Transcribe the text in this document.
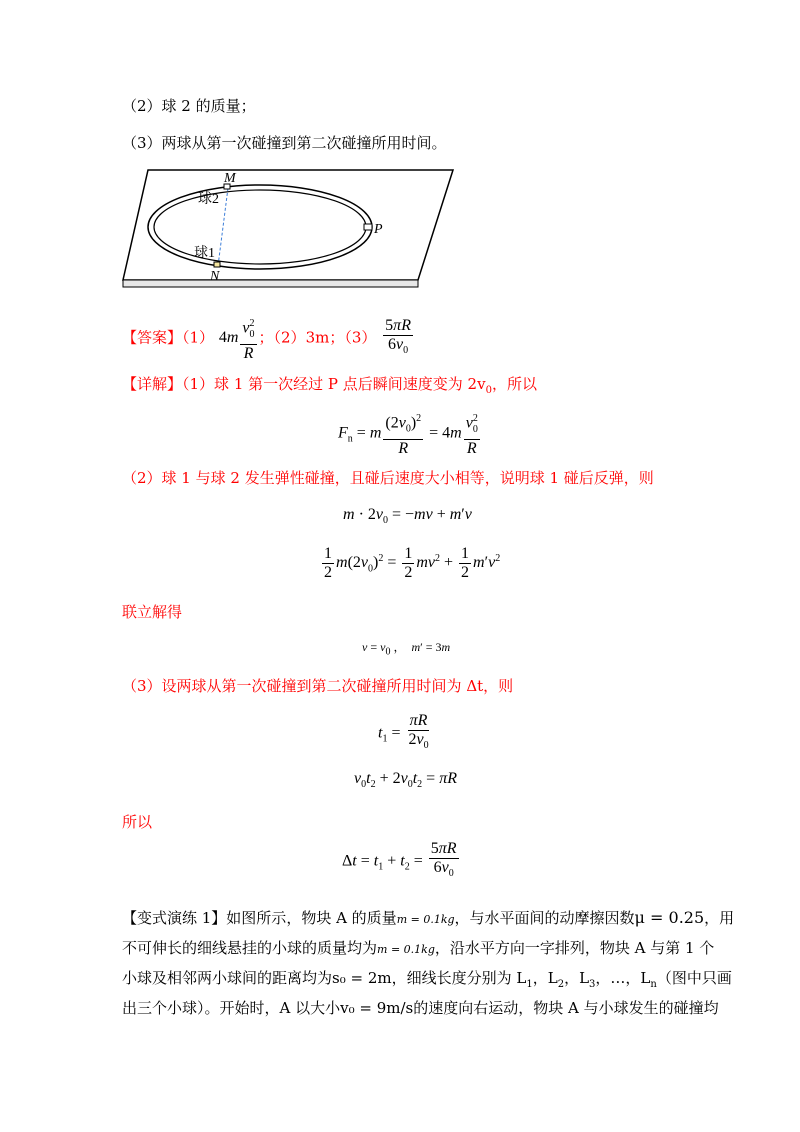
（2）球 2 的质量；
（3）两球从第一次碰撞到第二次碰撞所用时间。
M
球2
P
球1
N
【答案】（1） $4m \frac{v^2_0}{R}$ ；（2）3m；$(3) \frac{5\pi R}{6v_0}$
【详解】（1）球 1 第一次经过 P 点后瞬间速度变为 $2v_0$，所以
$F_n = m \frac{(2v_0)^2}{R} = 4m \frac{v^2_0}{R}$
（2）球 1 与球 2 发生弹性碰撞，且碰后速度大小相等，说明球 1 碰后反弹，则
$m \cdot 2v_0 = -mv + m'v$
$\frac{1}{2} m(2v_0)^2 = \frac{1}{2} mv^2 + \frac{1}{2} m'v^2$
联立解得
$v = v_0$ ，  m′ = 3m
（3）设两球从第一次碰撞到第二次碰撞所用时间为 Δt，则
$t_1 = \frac{\pi R}{2v_0}$
$v_0t_2 + 2v_0t_2 = \pi R$
所以
$\Delta t = t_1 + t_2 = \frac{5\pi R}{6v_0}$
【变式演练 1】如图所示，物块 A 的质量m = 0.1kg，与水平面间的动摩擦因数μ = 0.25，用
不可伸长的细线悬挂的小球的质量均为m = 0.1kg，沿水平方向一字排列，物块 A 与第 1 个
小球及相邻两小球间的距离均为s₀ = 2m，细线长度分别为 $L_1$，$L_2$，$L_3$，…，$L_n$（图中只画
出三个小球）。开始时，A 以大小v₀ = 9m/s的速度向右运动，物块 A 与小球发生的碰撞均
